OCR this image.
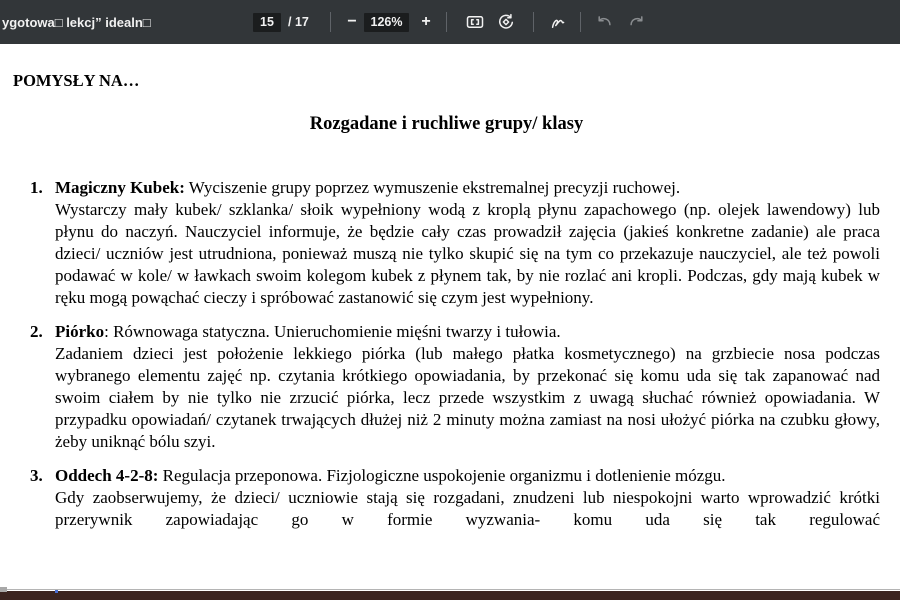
ygotowa□ lekcj” idealn□	15	/ 17	−	126%	+
POMYSŁY NA…
Rozgadane i ruchliwe grupy/ klasy
1. Magiczny Kubek: Wyciszenie grupy poprzez wymuszenie ekstremalnej precyzji ruchowej.
Wystarczy mały kubek/ szklanka/ słoik wypełniony wodą z kroplą płynu zapachowego (np. olejek lawendowy) lub płynu do naczyń. Nauczyciel informuje, że będzie cały czas prowadził zajęcia (jakieś konkretne zadanie) ale praca dzieci/ uczniów jest utrudniona, ponieważ muszą nie tylko skupić się na tym co przekazuje nauczyciel, ale też powoli podawać w kole/ w ławkach swoim kolegom kubek z płynem tak, by nie rozlać ani kropli. Podczas, gdy mają kubek w ręku mogą powąchać cieczy i spróbować zastanowić się czym jest wypełniony.
2. Piórko: Równowaga statyczna. Unieruchomienie mięśni twarzy i tułowia.
Zadaniem dzieci jest położenie lekkiego piórka (lub małego płatka kosmetycznego) na grzbiecie nosa podczas wybranego elementu zajęć np. czytania krótkiego opowiadania, by przekonać się komu uda się tak zapanować nad swoim ciałem by nie tylko nie zrzucić piórka, lecz przede wszystkim z uwagą słuchać również opowiadania. W przypadku opowiadań/ czytanek trwających dłużej niż 2 minuty można zamiast na nosi ułożyć piórka na czubku głowy, żeby uniknąć bólu szyi.
3. Oddech 4-2-8: Regulacja przeponowa. Fizjologiczne uspokojenie organizmu i dotlenienie mózgu.
Gdy zaobserwujemy, że dzieci/ uczniowie stają się rozgadani, znudzeni lub niespokojni warto wprowadzić krótki przerywnik zapowiadając go w formie wyzwania- komu uda się tak regulować
